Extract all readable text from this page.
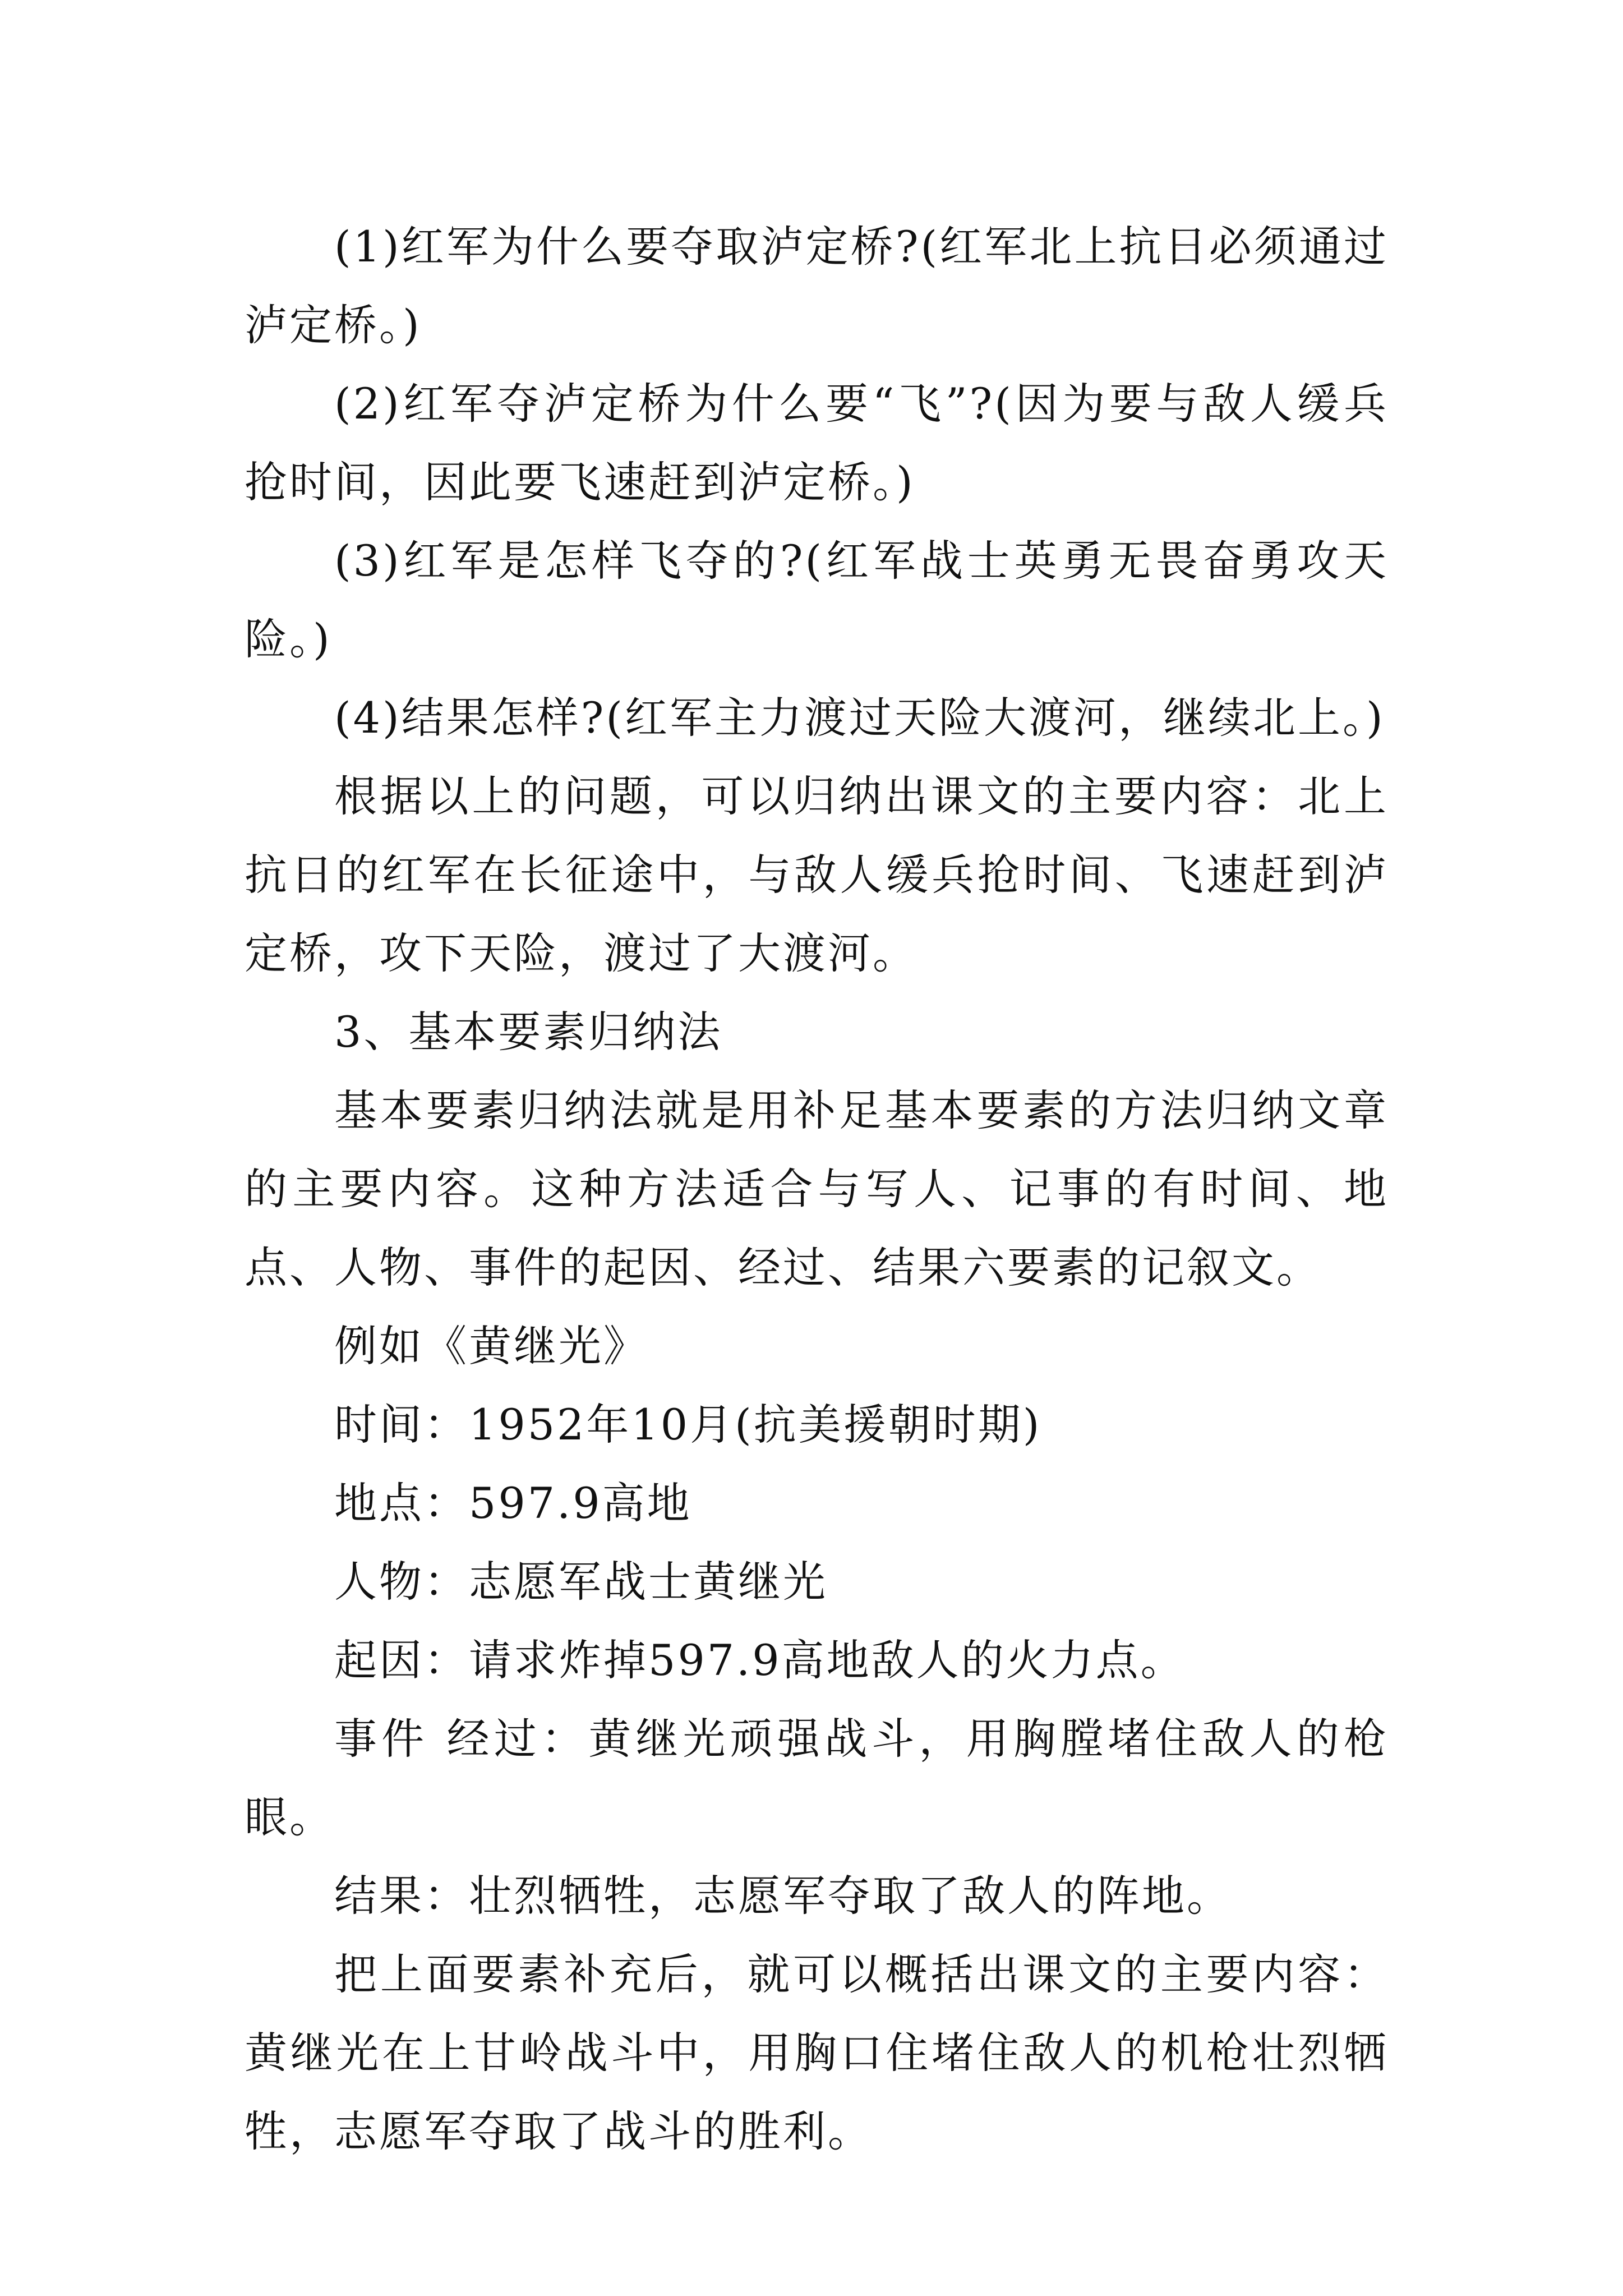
(1)红军为什么要夺取泸定桥?(红军北上抗日必须通过泸定桥。)

(2)红军夺泸定桥为什么要“飞”?(因为要与敌人缓兵抢时间，因此要飞速赶到泸定桥。)

(3)红军是怎样飞夺的?(红军战士英勇无畏奋勇攻天险。)

(4)结果怎样?(红军主力渡过天险大渡河，继续北上。)

根据以上的问题，可以归纳出课文的主要内容：北上抗日的红军在长征途中，与敌人缓兵抢时间、飞速赶到泸定桥，攻下天险，渡过了大渡河。

3、基本要素归纳法

基本要素归纳法就是用补足基本要素的方法归纳文章的主要内容。这种方法适合与写人、记事的有时间、地点、人物、事件的起因、经过、结果六要素的记叙文。

例如《黄继光》

时间：1952年10月(抗美援朝时期)

地点：597.9高地

人物：志愿军战士黄继光

起因：请求炸掉597.9高地敌人的火力点。

事件 经过：黄继光顽强战斗，用胸膛堵住敌人的枪眼。

结果：壮烈牺牲，志愿军夺取了敌人的阵地。

把上面要素补充后，就可以概括出课文的主要内容：黄继光在上甘岭战斗中，用胸口住堵住敌人的机枪壮烈牺牲，志愿军夺取了战斗的胜利。
